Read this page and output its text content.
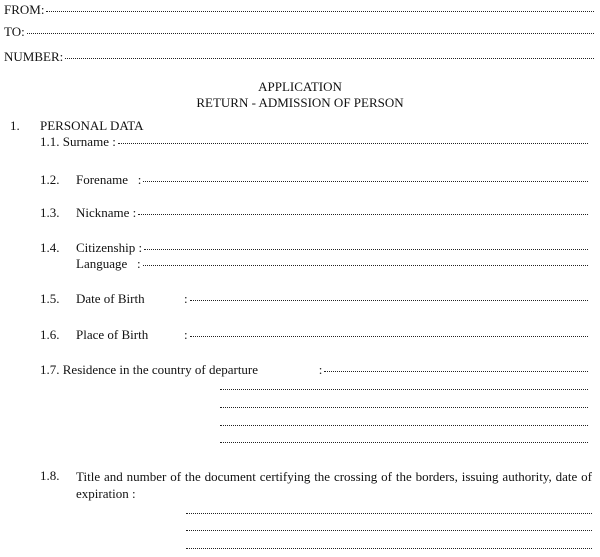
FROM:
TO:
NUMBER:
APPLICATION
RETURN - ADMISSION OF PERSON
1. PERSONAL DATA
1.1.
Surname :
1.2.	Forename   :
1.3.	Nickname :
1.4.	Citizenship :
Language   :
1.5.	Date of Birth	:
1.6.	Place of Birth	:
1.7.
Residence in the country of departure	:
1.8. Title and number of the document certifying the crossing of the borders, issuing authority, date of expiration :
